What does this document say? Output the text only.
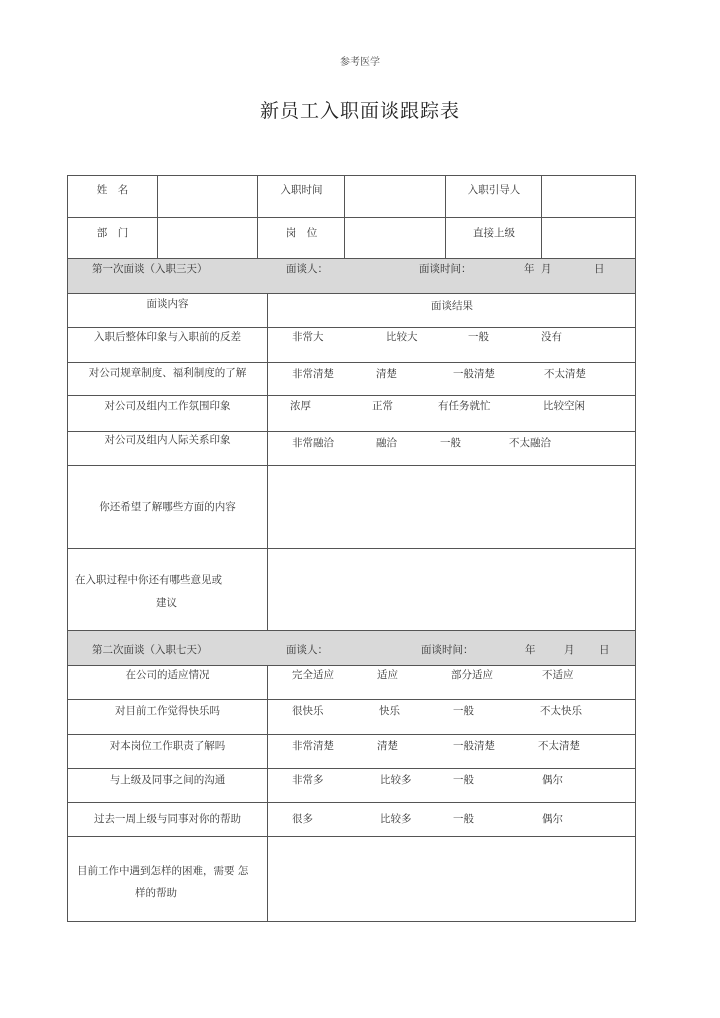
参考医学
新员工入职面谈跟踪表
姓　名	入职时间	入职引导人
部　门	岗　位	直接上级
第一次面谈（入职三天）	面谈人：	面谈时间：	年 月	日
面谈内容	面谈结果
入职后整体印象与入职前的反差	非常大	比较大	一般	没有
对公司规章制度、福利制度的了解	非常清楚	清楚	一般清楚	不太清楚
对公司及组内工作氛围印象	浓厚	正常	有任务就忙	比较空闲
对公司及组内人际关系印象	非常融洽	融洽	一般	不太融洽
你还希望了解哪些方面的内容
在入职过程中你还有哪些意见或
建议
第二次面谈（入职七天）	面谈人：	面谈时间：	年	月 日
在公司的适应情况	完全适应	适应	部分适应	不适应
对目前工作觉得快乐吗	很快乐	快乐	一般	不太快乐
对本岗位工作职责了解吗	非常清楚	清楚	一般清楚	不太清楚
与上级及同事之间的沟通	非常多	比较多	一般	偶尔
过去一周上级与同事对你的帮助	很多	比较多	一般	偶尔
目前工作中遇到怎样的困难，需要 怎
样的帮助
